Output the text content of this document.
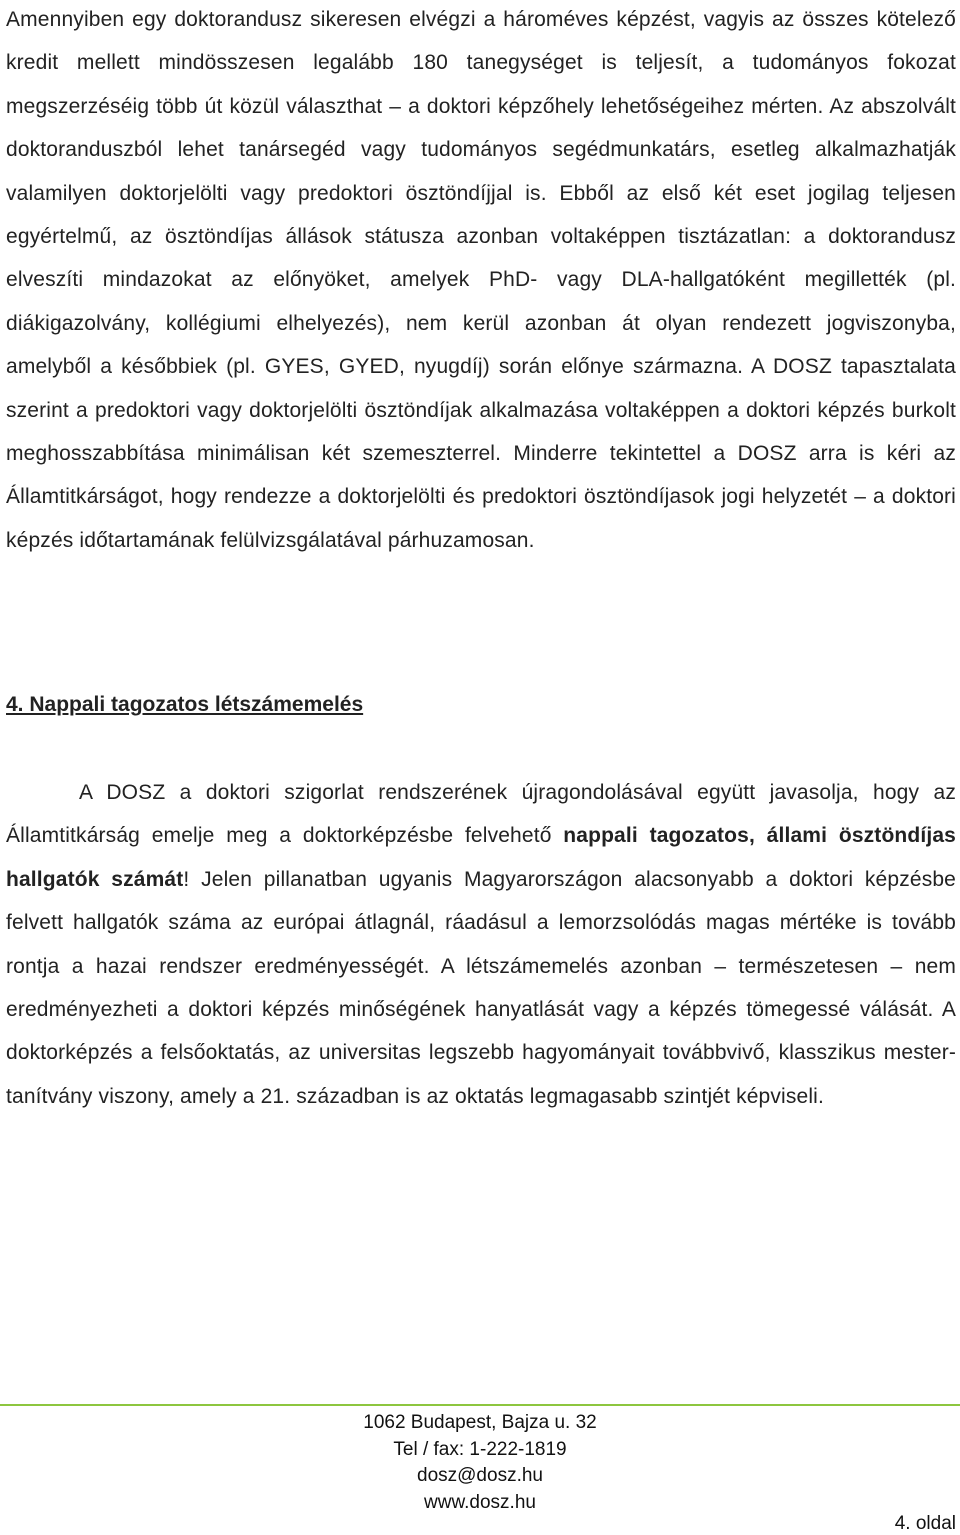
Amennyiben egy doktorandusz sikeresen elvégzi a hároméves képzést, vagyis az összes kötelező kredit mellett mindösszesen legalább 180 tanegységet is teljesít, a tudományos fokozat megszerzéséig több út közül választhat – a doktori képzőhely lehetőségeihez mérten. Az abszolvált doktoranduszból lehet tanársegéd vagy tudományos segédmunkatárs, esetleg alkalmazhatják valamilyen doktorjelölti vagy predoktori ösztöndíjjal is. Ebből az első két eset jogilag teljesen egyértelmű, az ösztöndíjas állások státusza azonban voltaképpen tisztázatlan: a doktorandusz elveszíti mindazokat az előnyöket, amelyek PhD- vagy DLA-hallgatóként megillették (pl. diákigazolvány, kollégiumi elhelyezés), nem kerül azonban át olyan rendezett jogviszonyba, amelyből a későbbiek (pl. GYES, GYED, nyugdíj) során előnye származna. A DOSZ tapasztalata szerint a predoktori vagy doktorjelölti ösztöndíjak alkalmazása voltaképpen a doktori képzés burkolt meghosszabbítása minimálisan két szemeszterrel. Minderre tekintettel a DOSZ arra is kéri az Államtitkárságot, hogy rendezze a doktorjelölti és predoktori ösztöndíjasok jogi helyzetét – a doktori képzés időtartamának felülvizsgálatával párhuzamosan.

4. Nappali tagozatos létszámemelés

A DOSZ a doktori szigorlat rendszerének újragondolásával együtt javasolja, hogy az Államtitkárság emelje meg a doktorképzésbe felvehető nappali tagozatos, állami ösztöndíjas hallgatók számát! Jelen pillanatban ugyanis Magyarországon alacsonyabb a doktori képzésbe felvett hallgatók száma az európai átlagnál, ráadásul a lemorzsolódás magas mértéke is tovább rontja a hazai rendszer eredményességét. A létszámemelés azonban – természetesen – nem eredményezheti a doktori képzés minőségének hanyatlását vagy a képzés tömegessé válását. A doktorképzés a felsőoktatás, az universitas legszebb hagyományait továbbvivő, klasszikus mester-tanítvány viszony, amely a 21. században is az oktatás legmagasabb szintjét képviseli.

1062 Budapest, Bajza u. 32
Tel / fax: 1-222-1819
dosz@dosz.hu
www.dosz.hu
4. oldal
